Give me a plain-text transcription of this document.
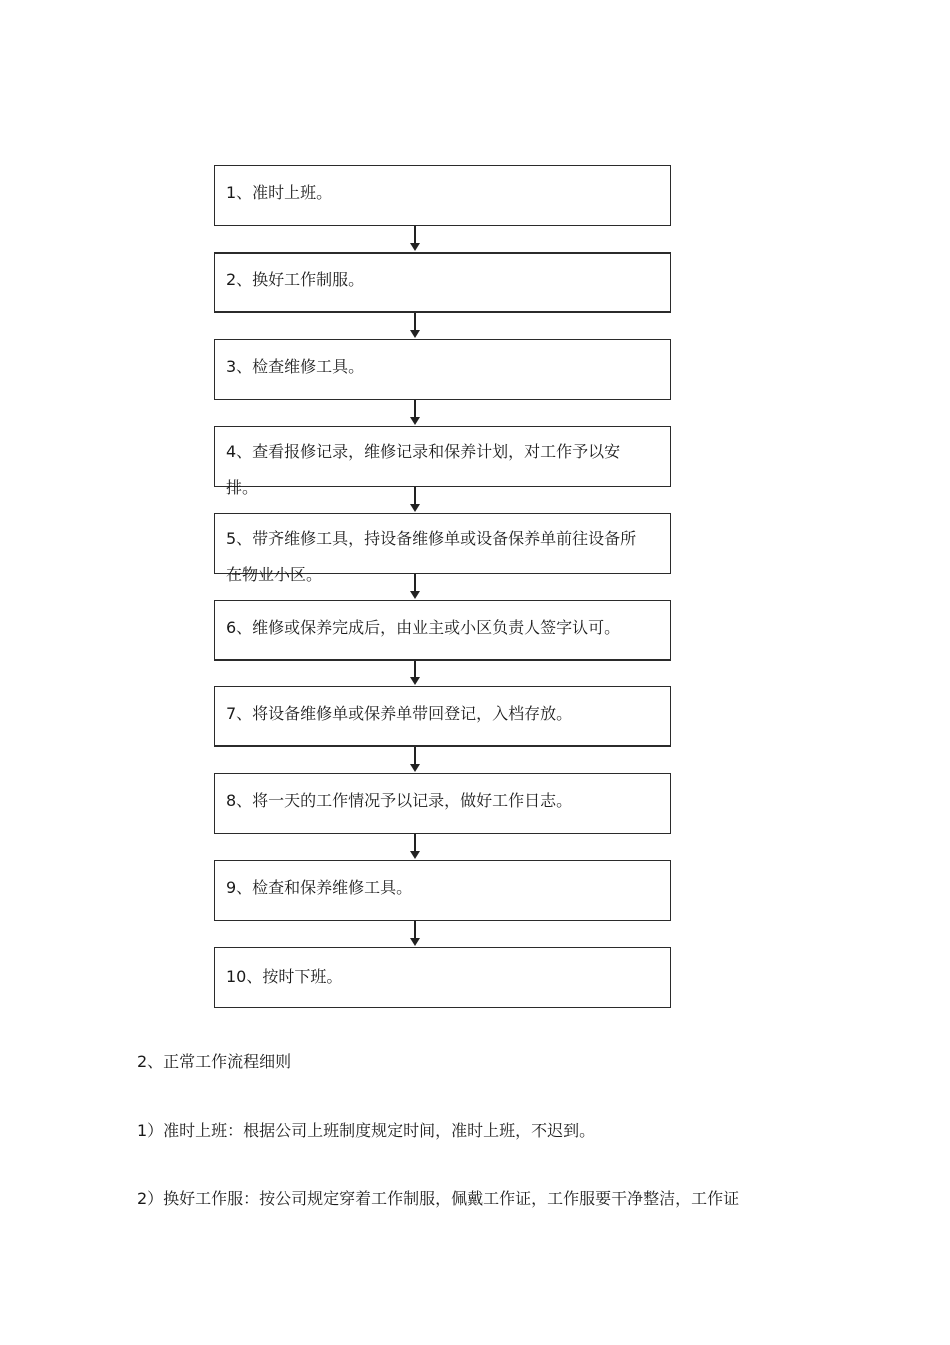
1、准时上班。
2、换好工作制服。
3、检查维修工具。
4、查看报修记录，维修记录和保养计划，对工作予以安排。
5、带齐维修工具，持设备维修单或设备保养单前往设备所在物业小区。
6、维修或保养完成后，由业主或小区负责人签字认可。
7、将设备维修单或保养单带回登记，入档存放。
8、将一天的工作情况予以记录，做好工作日志。
9、检查和保养维修工具。
10、按时下班。
2、正常工作流程细则
1）准时上班：根据公司上班制度规定时间，准时上班，不迟到。
2）换好工作服：按公司规定穿着工作制服，佩戴工作证，工作服要干净整洁，工作证
